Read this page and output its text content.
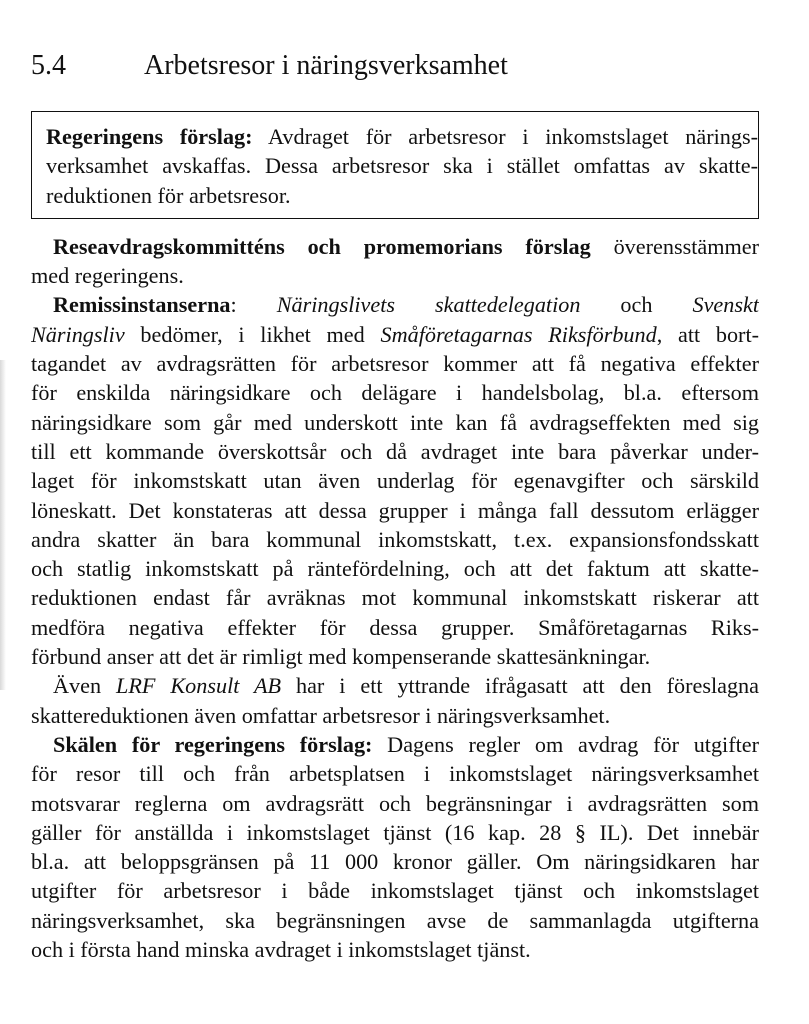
5.4	Arbetsresor i näringsverksamhet
Regeringens förslag: Avdraget för arbetsresor i inkomstslaget närings-
verksamhet avskaffas. Dessa arbetsresor ska i stället omfattas av skatte-
reduktionen för arbetsresor.
Reseavdragskommitténs och promemorians förslag överensstämmer
med regeringens.
Remissinstanserna: Näringslivets skattedelegation och Svenskt
Näringsliv bedömer, i likhet med Småföretagarnas Riksförbund, att bort-
tagandet av avdragsrätten för arbetsresor kommer att få negativa effekter
för enskilda näringsidkare och delägare i handelsbolag, bl.a. eftersom
näringsidkare som går med underskott inte kan få avdragseffekten med sig
till ett kommande överskottsår och då avdraget inte bara påverkar under-
laget för inkomstskatt utan även underlag för egenavgifter och särskild
löneskatt. Det konstateras att dessa grupper i många fall dessutom erlägger
andra skatter än bara kommunal inkomstskatt, t.ex. expansionsfondsskatt
och statlig inkomstskatt på räntefördelning, och att det faktum att skatte-
reduktionen endast får avräknas mot kommunal inkomstskatt riskerar att
medföra negativa effekter för dessa grupper. Småföretagarnas Riks-
förbund anser att det är rimligt med kompenserande skattesänkningar.
Även LRF Konsult AB har i ett yttrande ifrågasatt att den föreslagna
skattereduktionen även omfattar arbetsresor i näringsverksamhet.
Skälen för regeringens förslag: Dagens regler om avdrag för utgifter
för resor till och från arbetsplatsen i inkomstslaget näringsverksamhet
motsvarar reglerna om avdragsrätt och begränsningar i avdragsrätten som
gäller för anställda i inkomstslaget tjänst (16 kap. 28 § IL). Det innebär
bl.a. att beloppsgränsen på 11 000 kronor gäller. Om näringsidkaren har
utgifter för arbetsresor i både inkomstslaget tjänst och inkomstslaget
näringsverksamhet, ska begränsningen avse de sammanlagda utgifterna
och i första hand minska avdraget i inkomstslaget tjänst.
